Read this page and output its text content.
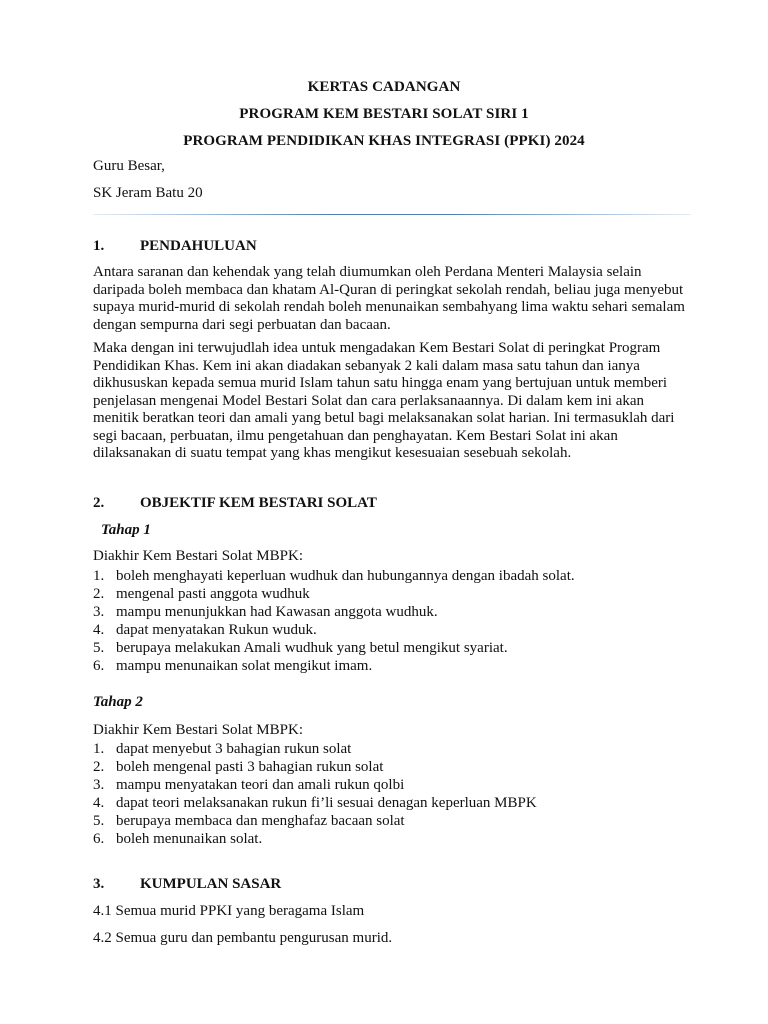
KERTAS CADANGAN
PROGRAM KEM BESTARI SOLAT SIRI 1
PROGRAM PENDIDIKAN KHAS INTEGRASI (PPKI) 2024
Guru Besar,
SK Jeram Batu 20
1. PENDAHULUAN
Antara saranan dan kehendak yang telah diumumkan oleh Perdana Menteri Malaysia selain
daripada boleh membaca dan khatam Al-Quran di peringkat sekolah rendah, beliau juga menyebut
supaya murid-murid di sekolah rendah boleh menunaikan sembahyang lima waktu sehari semalam
dengan sempurna dari segi perbuatan dan bacaan.
Maka dengan ini terwujudlah idea untuk mengadakan Kem Bestari Solat di peringkat Program
Pendidikan Khas. Kem ini akan diadakan sebanyak 2 kali dalam masa satu tahun dan ianya
dikhususkan kepada semua murid Islam tahun satu hingga enam yang bertujuan untuk memberi
penjelasan mengenai Model Bestari Solat dan cara perlaksanaannya. Di dalam kem ini akan
menitik beratkan teori dan amali yang betul bagi melaksanakan solat harian. Ini termasuklah dari
segi bacaan, perbuatan, ilmu pengetahuan dan penghayatan. Kem Bestari Solat ini akan
dilaksanakan di suatu tempat yang khas mengikut kesesuaian sesebuah sekolah.
2. OBJEKTIF KEM BESTARI SOLAT
Tahap 1
Diakhir Kem Bestari Solat MBPK:
1. boleh menghayati keperluan wudhuk dan hubungannya dengan ibadah solat.
2. mengenal pasti anggota wudhuk
3. mampu menunjukkan had Kawasan anggota wudhuk.
4. dapat menyatakan Rukun wuduk.
5. berupaya melakukan Amali wudhuk yang betul mengikut syariat.
6. mampu menunaikan solat mengikut imam.
Tahap 2
Diakhir Kem Bestari Solat MBPK:
1. dapat menyebut 3 bahagian rukun solat
2. boleh mengenal pasti 3 bahagian rukun solat
3. mampu menyatakan teori dan amali rukun qolbi
4. dapat teori melaksanakan rukun fi’li sesuai denagan keperluan MBPK
5. berupaya membaca dan menghafaz bacaan solat
6. boleh menunaikan solat.
3. KUMPULAN SASAR
4.1 Semua murid PPKI yang beragama Islam
4.2 Semua guru dan pembantu pengurusan murid.
